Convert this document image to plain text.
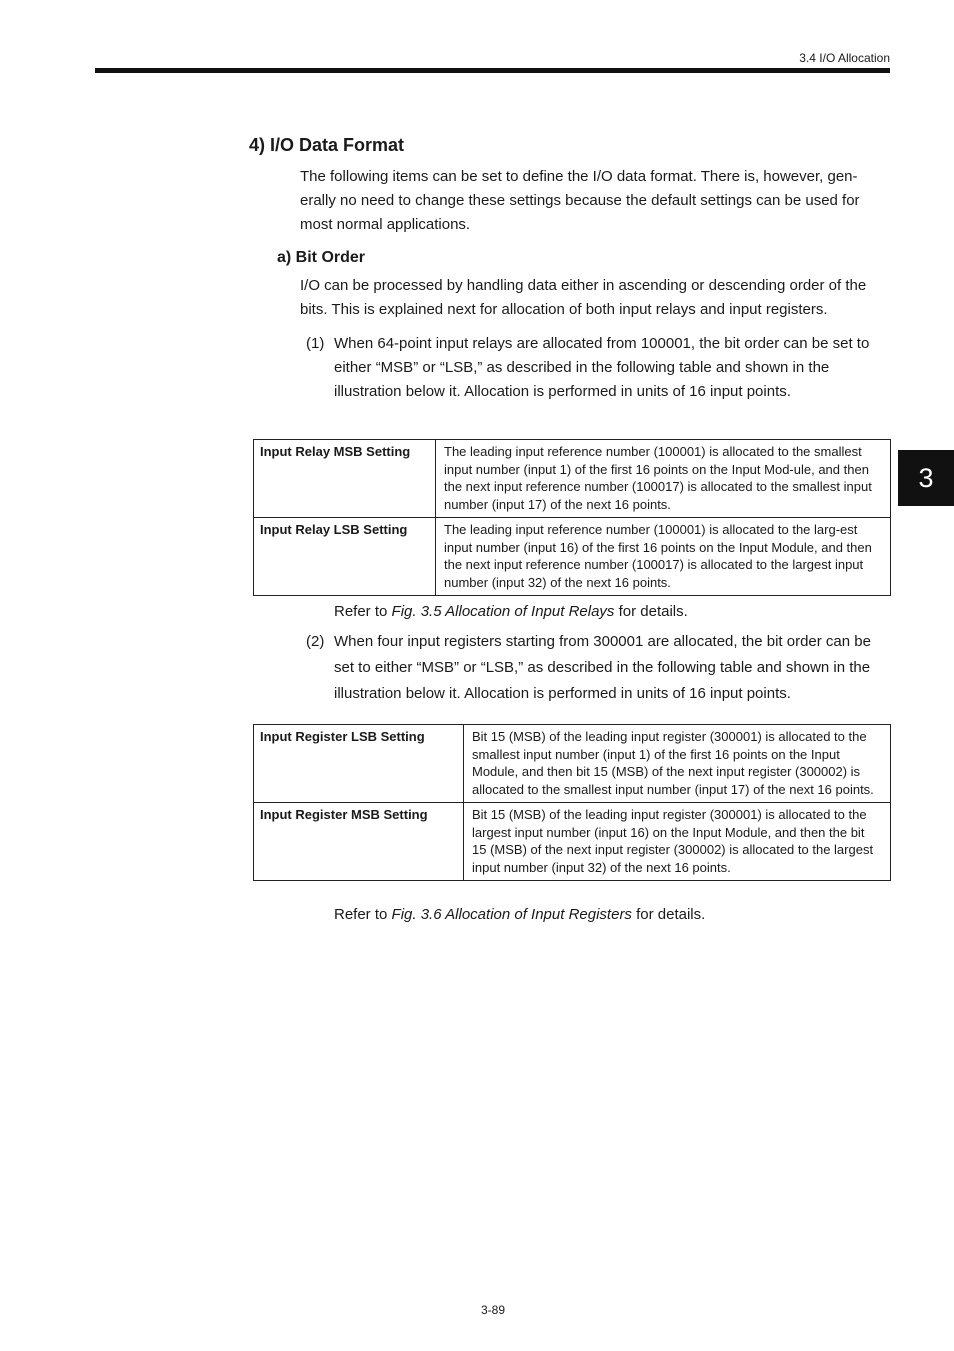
3.4 I/O Allocation
3
4) I/O Data Format

The following items can be set to define the I/O data format. There is, however, gen-erally no need to change these settings because the default settings can be used for most normal applications.

a) Bit Order

I/O can be processed by handling data either in ascending or descending order of the bits. This is explained next for allocation of both input relays and input registers.

(1) When 64-point input relays are allocated from 100001, the bit order can be set to either “MSB” or “LSB,” as described in the following table and shown in the illustration below it. Allocation is performed in units of 16 input points.
Input Relay MSB Setting	The leading input reference number (100001) is allocated to the smallest input number (input 1) of the first 16 points on the Input Mod-ule, and then the next input reference number (100017) is allocated to the smallest input number (input 17) of the next 16 points.
Input Relay LSB Setting	The leading input reference number (100001) is allocated to the larg-est input number (input 16) of the first 16 points on the Input Module, and then the next input reference number (100017) is allocated to the largest input number (input 32) of the next 16 points.
Refer to Fig. 3.5 Allocation of Input Relays for details.
(2) When four input registers starting from 300001 are allocated, the bit order can be set to either “MSB” or “LSB,” as described in the following table and shown in the illustration below it. Allocation is performed in units of 16 input points.
Input Register LSB Setting	Bit 15 (MSB) of the leading input register (300001) is allocated to the smallest input number (input 1) of the first 16 points on the Input Module, and then bit 15 (MSB) of the next input register (300002) is allocated to the smallest input number (input 17) of the next 16 points.
Input Register MSB Setting	Bit 15 (MSB) of the leading input register (300001) is allocated to the largest input number (input 16) on the Input Module, and then the bit 15 (MSB) of the next input register (300002) is allocated to the largest input number (input 32) of the next 16 points.
Refer to Fig. 3.6 Allocation of Input Registers for details.
3-89
